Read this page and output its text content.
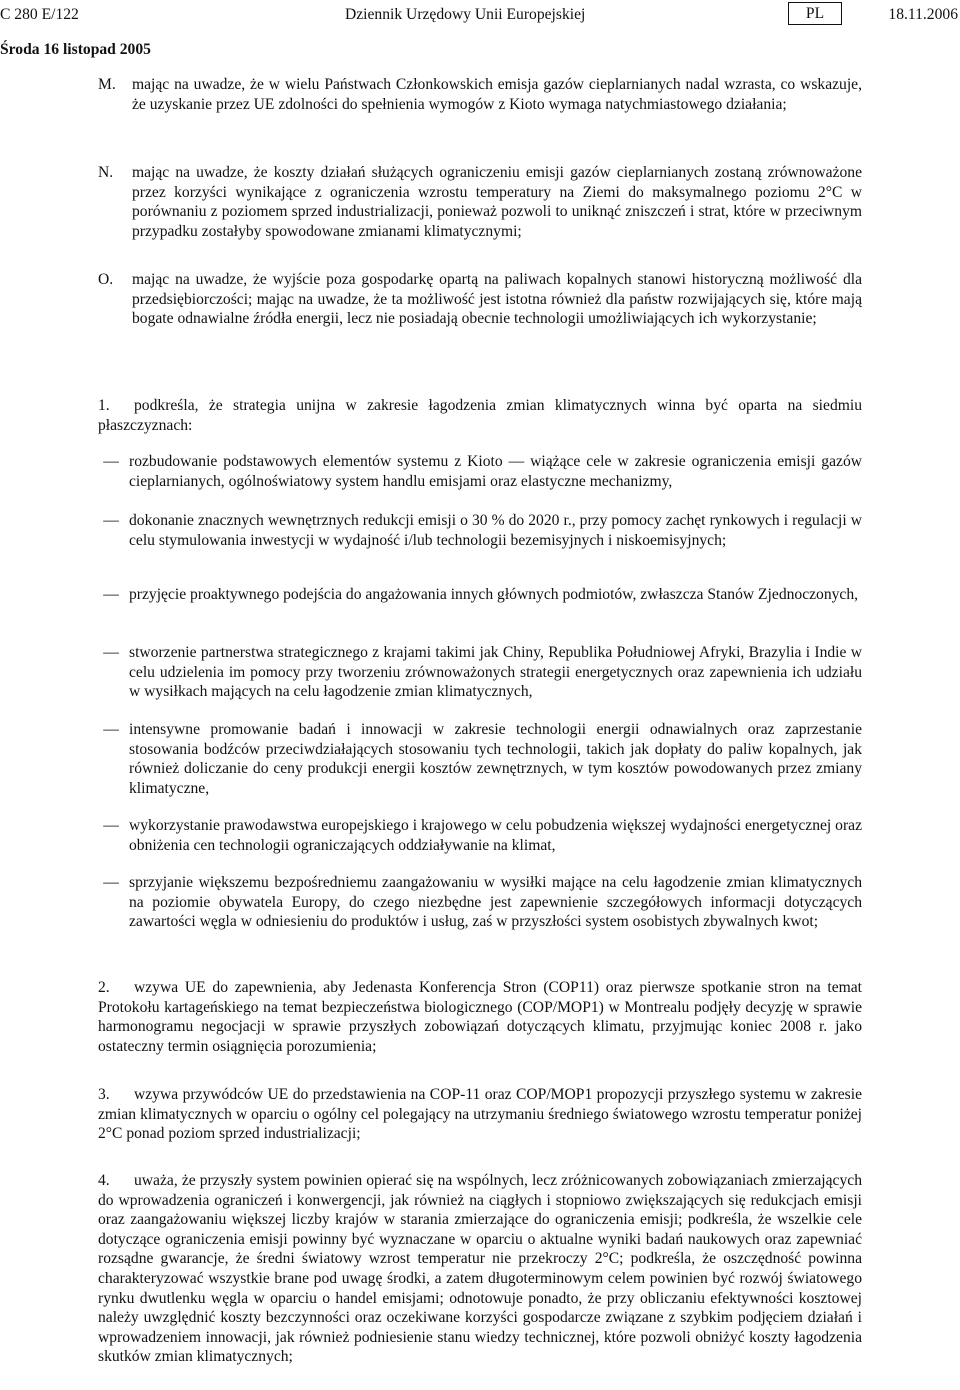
C 280 E/122	Dziennik Urzędowy Unii Europejskiej	PL	18.11.2006
Środa 16 listopad 2005
M. mając na uwadze, że w wielu Państwach Członkowskich emisja gazów cieplarnianych nadal wzrasta, co wskazuje, że uzyskanie przez UE zdolności do spełnienia wymogów z Kioto wymaga natychmiastowego działania;
N. mając na uwadze, że koszty działań służących ograniczeniu emisji gazów cieplarnianych zostaną zrównoważone przez korzyści wynikające z ograniczenia wzrostu temperatury na Ziemi do maksymalnego poziomu 2°C w porównaniu z poziomem sprzed industrializacji, ponieważ pozwoli to uniknąć zniszczeń i strat, które w przeciwnym przypadku zostałyby spowodowane zmianami klimatycznymi;
O. mając na uwadze, że wyjście poza gospodarkę opartą na paliwach kopalnych stanowi historyczną możliwość dla przedsiębiorczości; mając na uwadze, że ta możliwość jest istotna również dla państw rozwijających się, które mają bogate odnawialne źródła energii, lecz nie posiadają obecnie technologii umożliwiających ich wykorzystanie;
1. podkreśla, że strategia unijna w zakresie łagodzenia zmian klimatycznych winna być oparta na siedmiu płaszczyznach:
— rozbudowanie podstawowych elementów systemu z Kioto — wiążące cele w zakresie ograniczenia emisji gazów cieplarnianych, ogólnoświatowy system handlu emisjami oraz elastyczne mechanizmy,
— dokonanie znacznych wewnętrznych redukcji emisji o 30 % do 2020 r., przy pomocy zachęt rynkowych i regulacji w celu stymulowania inwestycji w wydajność i/lub technologii bezemisyjnych i niskoemisyjnych;
— przyjęcie proaktywnego podejścia do angażowania innych głównych podmiotów, zwłaszcza Stanów Zjednoczonych,
— stworzenie partnerstwa strategicznego z krajami takimi jak Chiny, Republika Południowej Afryki, Brazylia i Indie w celu udzielenia im pomocy przy tworzeniu zrównoważonych strategii energetycznych oraz zapewnienia ich udziału w wysiłkach mających na celu łagodzenie zmian klimatycznych,
— intensywne promowanie badań i innowacji w zakresie technologii energii odnawialnych oraz zaprzestanie stosowania bodźców przeciwdziałających stosowaniu tych technologii, takich jak dopłaty do paliw kopalnych, jak również doliczanie do ceny produkcji energii kosztów zewnętrznych, w tym kosztów powodowanych przez zmiany klimatyczne,
— wykorzystanie prawodawstwa europejskiego i krajowego w celu pobudzenia większej wydajności energetycznej oraz obniżenia cen technologii ograniczających oddziaływanie na klimat,
— sprzyjanie większemu bezpośredniemu zaangażowaniu w wysiłki mające na celu łagodzenie zmian klimatycznych na poziomie obywatela Europy, do czego niezbędne jest zapewnienie szczegółowych informacji dotyczących zawartości węgla w odniesieniu do produktów i usług, zaś w przyszłości system osobistych zbywalnych kwot;
2. wzywa UE do zapewnienia, aby Jedenasta Konferencja Stron (COP11) oraz pierwsze spotkanie stron na temat Protokołu kartageńskiego na temat bezpieczeństwa biologicznego (COP/MOP1) w Montrealu podjęły decyzję w sprawie harmonogramu negocjacji w sprawie przyszłych zobowiązań dotyczących klimatu, przyjmując koniec 2008 r. jako ostateczny termin osiągnięcia porozumienia;
3. wzywa przywódców UE do przedstawienia na COP-11 oraz COP/MOP1 propozycji przyszłego systemu w zakresie zmian klimatycznych w oparciu o ogólny cel polegający na utrzymaniu średniego światowego wzrostu temperatur poniżej 2°C ponad poziom sprzed industrializacji;
4. uważa, że przyszły system powinien opierać się na wspólnych, lecz zróżnicowanych zobowiązaniach zmierzających do wprowadzenia ograniczeń i konwergencji, jak również na ciągłych i stopniowo zwiększających się redukcjach emisji oraz zaangażowaniu większej liczby krajów w starania zmierzające do ograniczenia emisji; podkreśla, że wszelkie cele dotyczące ograniczenia emisji powinny być wyznaczane w oparciu o aktualne wyniki badań naukowych oraz zapewniać rozsądne gwarancje, że średni światowy wzrost temperatur nie przekroczy 2°C; podkreśla, że oszczędność powinna charakteryzować wszystkie brane pod uwagę środki, a zatem długoterminowym celem powinien być rozwój światowego rynku dwutlenku węgla w oparciu o handel emisjami; odnotowuje ponadto, że przy obliczaniu efektywności kosztowej należy uwzględnić koszty bezczynności oraz oczekiwane korzyści gospodarcze związane z szybkim podjęciem działań i wprowadzeniem innowacji, jak również podniesienie stanu wiedzy technicznej, które pozwoli obniżyć koszty łagodzenia skutków zmian klimatycznych;
